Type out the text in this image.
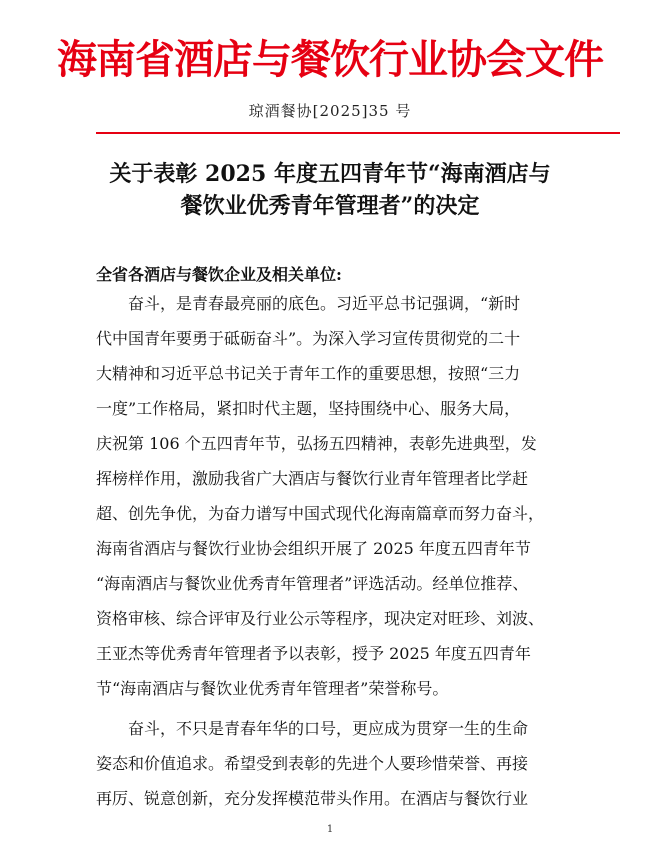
海南省酒店与餐饮行业协会文件
琼酒餐协[2025]35 号
关于表彰 2025 年度五四青年节“海南酒店与
餐饮业优秀青年管理者”的决定
全省各酒店与餐饮企业及相关单位:
　　奋斗，是青春最亮丽的底色。习近平总书记强调，“新时
代中国青年要勇于砥砺奋斗”。为深入学习宣传贯彻党的二十
大精神和习近平总书记关于青年工作的重要思想，按照“三力
一度”工作格局，紧扣时代主题，坚持围绕中心、服务大局，
庆祝第 106 个五四青年节，弘扬五四精神，表彰先进典型，发
挥榜样作用，激励我省广大酒店与餐饮行业青年管理者比学赶
超、创先争优，为奋力谱写中国式现代化海南篇章而努力奋斗，
海南省酒店与餐饮行业协会组织开展了 2025 年度五四青年节
“海南酒店与餐饮业优秀青年管理者”评选活动。经单位推荐、
资格审核、综合评审及行业公示等程序，现决定对旺珍、刘波、
王亚杰等优秀青年管理者予以表彰，授予 2025 年度五四青年
节“海南酒店与餐饮业优秀青年管理者”荣誉称号。
　　奋斗，不只是青春年华的口号，更应成为贯穿一生的生命
姿态和价值追求。希望受到表彰的先进个人要珍惜荣誉、再接
再厉、锐意创新，充分发挥模范带头作用。在酒店与餐饮行业
1
